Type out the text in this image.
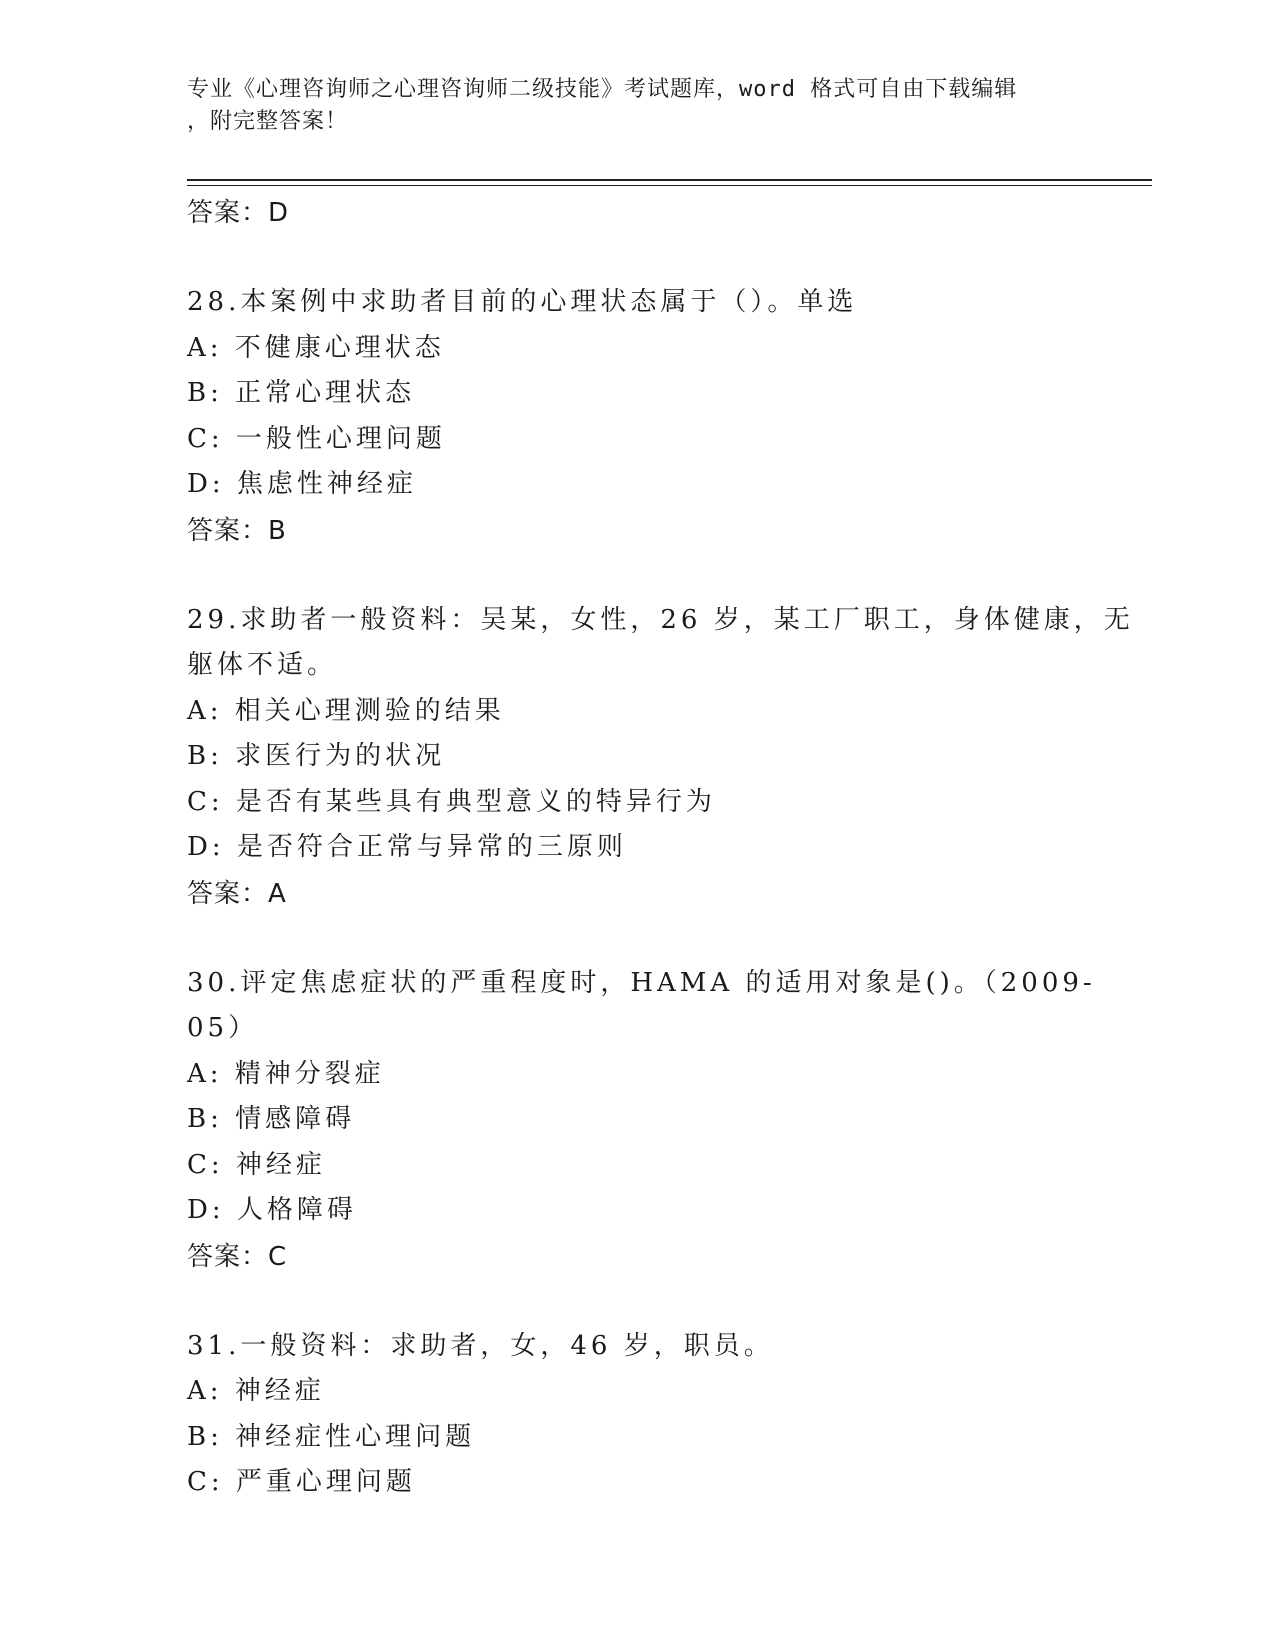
专业《心理咨询师之心理咨询师二级技能》考试题库，word 格式可自由下载编辑
，附完整答案！
答案：D
28.本案例中求助者目前的心理状态属于（）。单选
A: 不健康心理状态
B: 正常心理状态
C: 一般性心理问题
D: 焦虑性神经症
答案：B
29.求助者一般资料：吴某，女性，26 岁，某工厂职工，身体健康，无躯体不适。
A: 相关心理测验的结果
B: 求医行为的状况
C: 是否有某些具有典型意义的特异行为
D: 是否符合正常与异常的三原则
答案：A
30.评定焦虑症状的严重程度时，HAMA 的适用对象是()。（2009-05）
A: 精神分裂症
B: 情感障碍
C: 神经症
D: 人格障碍
答案：C
31.一般资料：求助者，女，46 岁，职员。
A: 神经症
B: 神经症性心理问题
C: 严重心理问题
